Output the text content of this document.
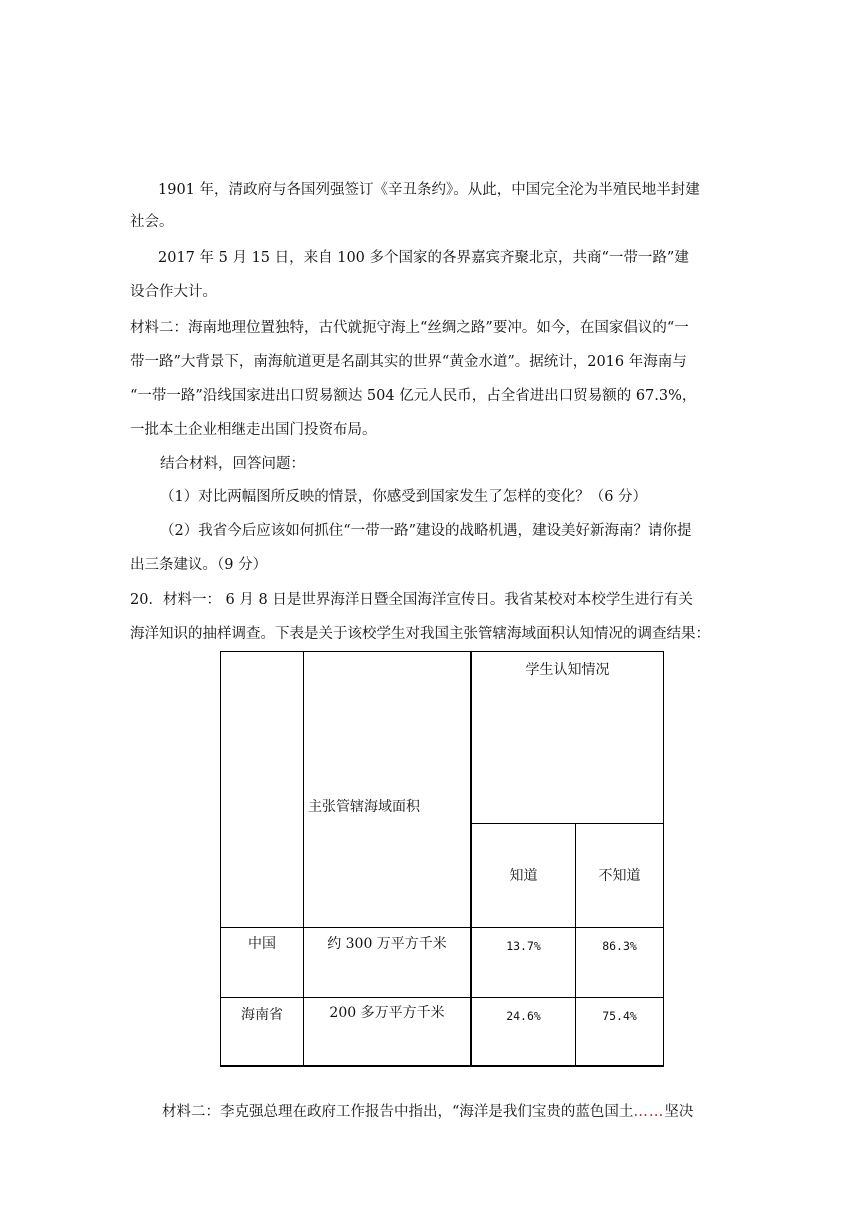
1901 年，清政府与各国列强签订《辛丑条约》。从此，中国完全沦为半殖民地半封建
社会。
2017 年 5 月 15 日，来自 100 多个国家的各界嘉宾齐聚北京，共商“一带一路”建
设合作大计。
材料二：海南地理位置独特，古代就扼守海上“丝绸之路”要冲。如今，在国家倡议的“一
带一路”大背景下，南海航道更是名副其实的世界“黄金水道”。据统计，2016 年海南与
“一带一路”沿线国家进出口贸易额达 504 亿元人民币，占全省进出口贸易额的 67.3%，
一批本土企业相继走出国门投资布局。
结合材料，回答问题：
（1）对比两幅图所反映的情景，你感受到国家发生了怎样的变化？（6 分）
（2）我省今后应该如何抓住“一带一路”建设的战略机遇，建设美好新海南？请你提
出三条建议。（9 分）
20．材料一： 6 月 8 日是世界海洋日暨全国海洋宣传日。我省某校对本校学生进行有关
海洋知识的抽样调查。下表是关于该校学生对我国主张管辖海域面积认知情况的调查结果：
学生认知情况
主张管辖海域面积
知道	不知道
中国	约 300 万平方千米	13.7%	86.3%
海南省	200 多万平方千米	24.6%	75.4%
材料二：李克强总理在政府工作报告中指出，“海洋是我们宝贵的蓝色国土……坚决
